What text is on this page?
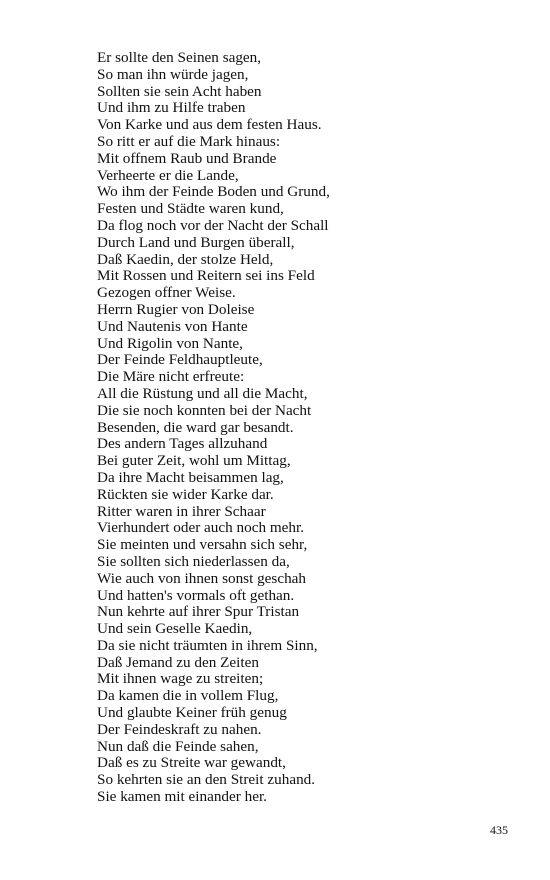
Er sollte den Seinen sagen,
So man ihn würde jagen,
Sollten sie sein Acht haben
Und ihm zu Hilfe traben
Von Karke und aus dem festen Haus.
So ritt er auf die Mark hinaus:
Mit offnem Raub und Brande
Verheerte er die Lande,
Wo ihm der Feinde Boden und Grund,
Festen und Städte waren kund,
Da flog noch vor der Nacht der Schall
Durch Land und Burgen überall,
Daß Kaedin, der stolze Held,
Mit Rossen und Reitern sei ins Feld
Gezogen offner Weise.
Herrn Rugier von Doleise
Und Nautenis von Hante
Und Rigolin von Nante,
Der Feinde Feldhauptleute,
Die Märe nicht erfreute:
All die Rüstung und all die Macht,
Die sie noch konnten bei der Nacht
Besenden, die ward gar besandt.
Des andern Tages allzuhand
Bei guter Zeit, wohl um Mittag,
Da ihre Macht beisammen lag,
Rückten sie wider Karke dar.
Ritter waren in ihrer Schaar
Vierhundert oder auch noch mehr.
Sie meinten und versahn sich sehr,
Sie sollten sich niederlassen da,
Wie auch von ihnen sonst geschah
Und hatten's vormals oft gethan.
Nun kehrte auf ihrer Spur Tristan
Und sein Geselle Kaedin,
Da sie nicht träumten in ihrem Sinn,
Daß Jemand zu den Zeiten
Mit ihnen wage zu streiten;
Da kamen die in vollem Flug,
Und glaubte Keiner früh genug
Der Feindeskraft zu nahen.
Nun daß die Feinde sahen,
Daß es zu Streite war gewandt,
So kehrten sie an den Streit zuhand.
Sie kamen mit einander her.
435
